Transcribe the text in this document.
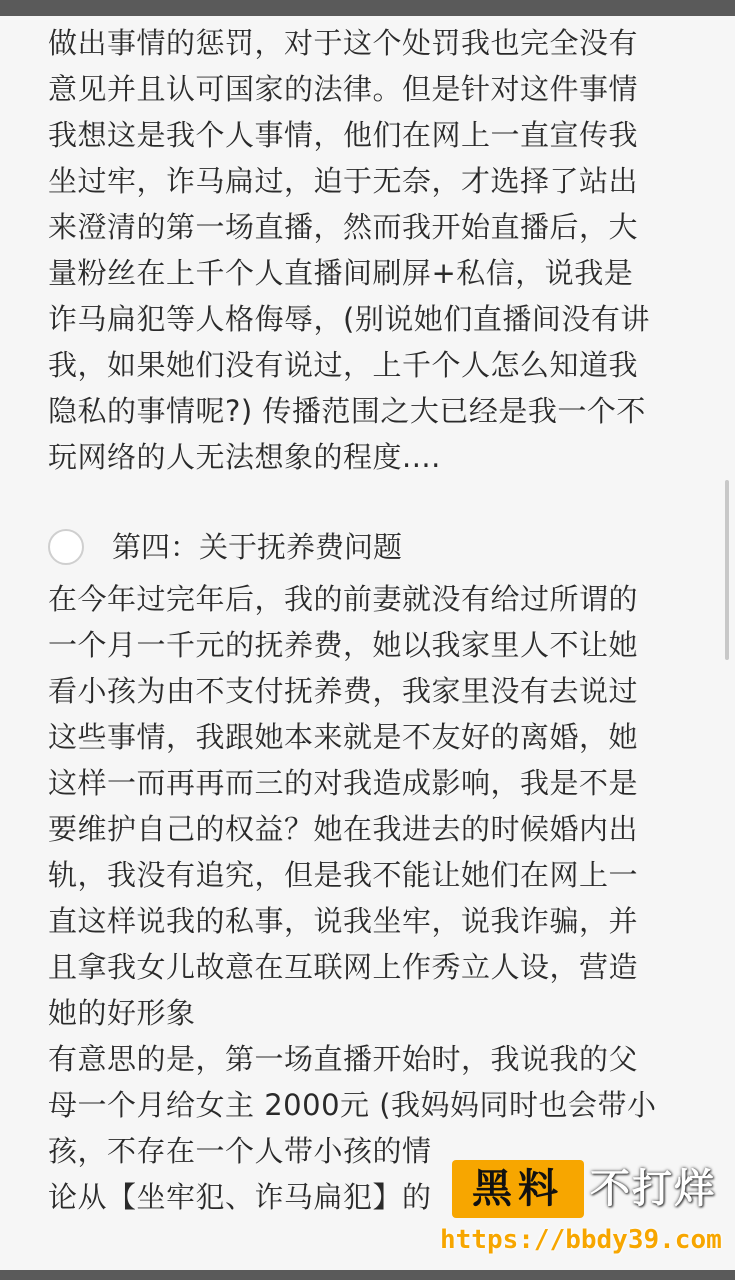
做出事情的惩罚，对于这个处罚我也完全没有
意见并且认可国家的法律。但是针对这件事情
我想这是我个人事情，他们在网上一直宣传我
坐过牢，诈马扁过，迫于无奈，才选择了站出
来澄清的第一场直播，然而我开始直播后，大
量粉丝在上千个人直播间刷屏+私信，说我是
诈马扁犯等人格侮辱，(别说她们直播间没有讲
我，如果她们没有说过，上千个人怎么知道我
隐私的事情呢?) 传播范围之大已经是我一个不
玩网络的人无法想象的程度....

第四：关于抚养费问题

在今年过完年后，我的前妻就没有给过所谓的
一个月一千元的抚养费，她以我家里人不让她
看小孩为由不支付抚养费，我家里没有去说过
这些事情，我跟她本来就是不友好的离婚，她
这样一而再再而三的对我造成影响，我是不是
要维护自己的权益？她在我进去的时候婚内出
轨，我没有追究，但是我不能让她们在网上一
直这样说我的私事，说我坐牢，说我诈骗，并
且拿我女儿故意在互联网上作秀立人设，营造
她的好形象

有意思的是，第一场直播开始时，我说我的父
母一个月给女主 2000元 (我妈妈同时也会带小
孩，不存在一个人带小孩的情

论从【坐牢犯、诈马扁犯】的	黑料 不打烊
https://bbdy39.com
